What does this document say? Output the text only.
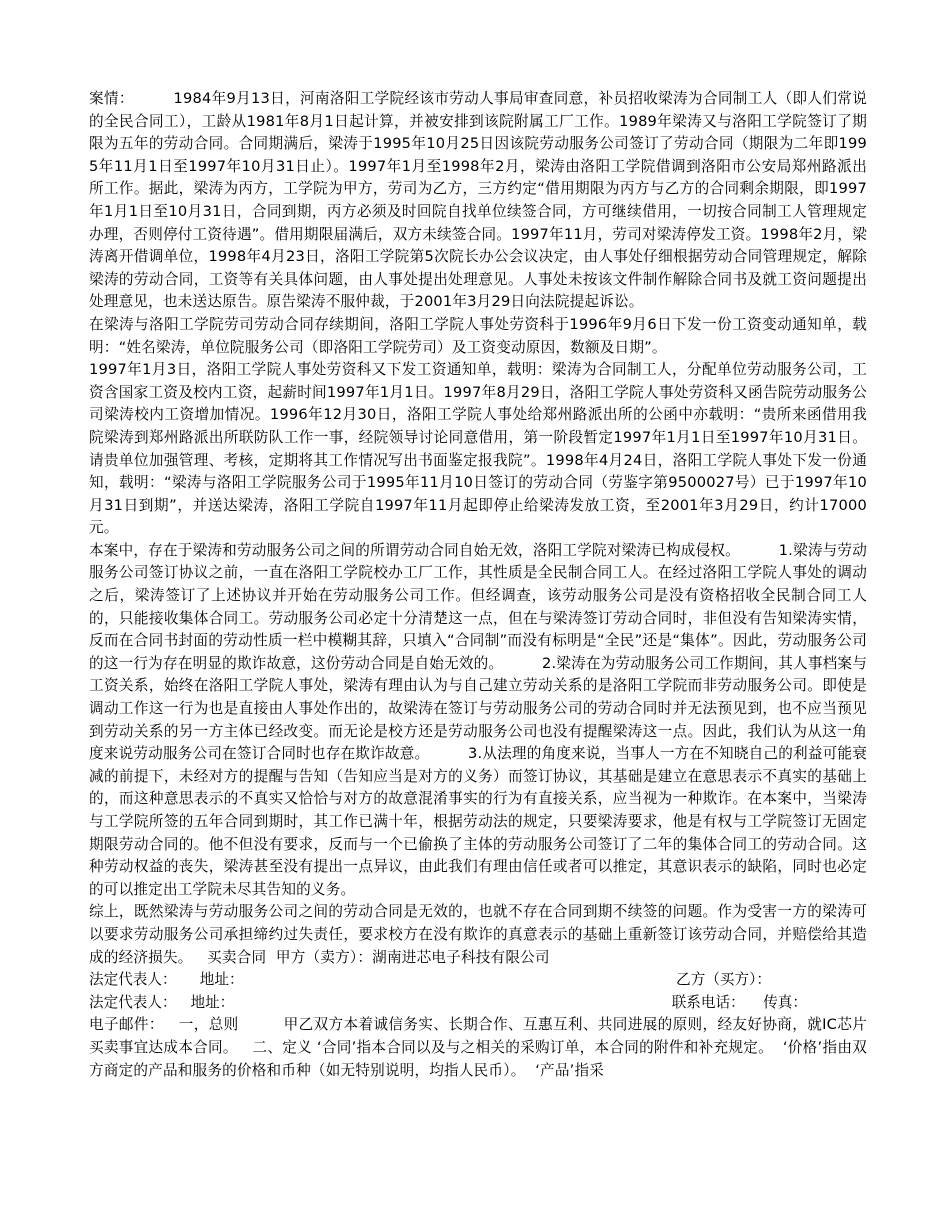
案情：        1984年9月13日，河南洛阳工学院经该市劳动人事局审查同意，补员招收梁涛为合同制工人（即人们常说的全民合同工），工龄从1981年8月1日起计算，并被安排到该院附属工厂工作。1989年梁涛又与洛阳工学院签订了期限为五年的劳动合同。合同期满后，梁涛于1995年10月25日因该院劳动服务公司签订了劳动合同（期限为二年即1995年11月1日至1997年10月31日止）。1997年1月至1998年2月，梁涛由洛阳工学院借调到洛阳市公安局郑州路派出所工作。据此，梁涛为丙方，工学院为甲方，劳司为乙方，三方约定“借用期限为丙方与乙方的合同剩余期限，即1997年1月1日至10月31日，合同到期，丙方必须及时回院自找单位续签合同，方可继续借用，一切按合同制工人管理规定办理，否则停付工资待遇”。借用期限届满后，双方未续签合同。1997年11月，劳司对梁涛停发工资。1998年2月，梁涛离开借调单位，1998年4月23日，洛阳工学院第5次院长办公会议决定，由人事处仔细根据劳动合同管理规定，解除梁涛的劳动合同，工资等有关具体问题，由人事处提出处理意见。人事处未按该文件制作解除合同书及就工资问题提出处理意见，也未送达原告。原告梁涛不服仲裁，于2001年3月29日向法院提起诉讼。

在梁涛与洛阳工学院劳司劳动合同存续期间，洛阳工学院人事处劳资科于1996年9月6日下发一份工资变动通知单，载明：“姓名梁涛，单位院服务公司（即洛阳工学院劳司）及工资变动原因，数额及日期”。

1997年1月3日，洛阳工学院人事处劳资科又下发工资通知单，载明：梁涛为合同制工人，分配单位劳动服务公司，工资含国家工资及校内工资，起薪时间1997年1月1日。1997年8月29日，洛阳工学院人事处劳资科又函告院劳动服务公司梁涛校内工资增加情况。1996年12月30日，洛阳工学院人事处给郑州路派出所的公函中亦载明：“贵所来函借用我院梁涛到郑州路派出所联防队工作一事，经院领导讨论同意借用，第一阶段暂定1997年1月1日至1997年10月31日。请贵单位加强管理、考核，定期将其工作情况写出书面鉴定报我院”。1998年4月24日，洛阳工学院人事处下发一份通知，载明：“梁涛与洛阳工学院服务公司于1995年11月10日签订的劳动合同（劳鉴字第9500027号）已于1997年10月31日到期”，并送达梁涛，洛阳工学院自1997年11月起即停止给梁涛发放工资，至2001年3月29日，约计17000元。

本案中，存在于梁涛和劳动服务公司之间的所谓劳动合同自始无效，洛阳工学院对梁涛已构成侵权。        1.梁涛与劳动服务公司签订协议之前，一直在洛阳工学院校办工厂工作，其性质是全民制合同工人。在经过洛阳工学院人事处的调动之后，梁涛签订了上述协议并开始在劳动服务公司工作。但经调查，该劳动服务公司是没有资格招收全民制合同工人的，只能接收集体合同工。劳动服务公司必定十分清楚这一点，但在与梁涛签订劳动合同时，非但没有告知梁涛实情，反而在合同书封面的劳动性质一栏中模糊其辞，只填入“合同制”而没有标明是“全民”还是“集体”。因此，劳动服务公司的这一行为存在明显的欺诈故意，这份劳动合同是自始无效的。        2.梁涛在为劳动服务公司工作期间，其人事档案与工资关系，始终在洛阳工学院人事处，梁涛有理由认为与自己建立劳动关系的是洛阳工学院而非劳动服务公司。即使是调动工作这一行为也是直接由人事处作出的，故梁涛在签订与劳动服务公司的劳动合同时并无法预见到，也不应当预见到劳动关系的另一方主体已经改变。而无论是校方还是劳动服务公司也没有提醒梁涛这一点。因此，我们认为从这一角度来说劳动服务公司在签订合同时也存在欺诈故意。        3.从法理的角度来说，当事人一方在不知晓自己的利益可能衰减的前提下，未经对方的提醒与告知（告知应当是对方的义务）而签订协议，其基础是建立在意思表示不真实的基础上的，而这种意思表示的不真实又恰恰与对方的故意混淆事实的行为有直接关系，应当视为一种欺诈。在本案中，当梁涛与工学院所签的五年合同到期时，其工作已满十年，根据劳动法的规定，只要梁涛要求，他是有权与工学院签订无固定期限劳动合同的。他不但没有要求，反而与一个已偷换了主体的劳动服务公司签订了二年的集体合同工的劳动合同。这种劳动权益的丧失，梁涛甚至没有提出一点异议，由此我们有理由信任或者可以推定，其意识表示的缺陷，同时也必定的可以推定出工学院未尽其告知的义务。

综上，既然梁涛与劳动服务公司之间的劳动合同是无效的，也就不存在合同到期不续签的问题。作为受害一方的梁涛可以要求劳动服务公司承担缔约过失责任，要求校方在没有欺诈的真意表示的基础上重新签订该劳动合同，并赔偿给其造成的经济损失。   买卖合同  甲方（卖方）：湖南进芯电子科技有限公司

法定代表人：     地址：	乙方（买方）：
法定代表人：   地址：	联系电话：    传真：

电子邮件：   一，总则         甲乙双方本着诚信务实、长期合作、互惠互利、共同进展的原则，经友好协商，就IC芯片买卖事宜达成本合同。   二、定义 ‘合同’指本合同以及与之相关的采购订单，本合同的附件和补充规定。  ‘价格’指由双方商定的产品和服务的价格和币种（如无特别说明，均指人民币）。  ‘产品’指采
